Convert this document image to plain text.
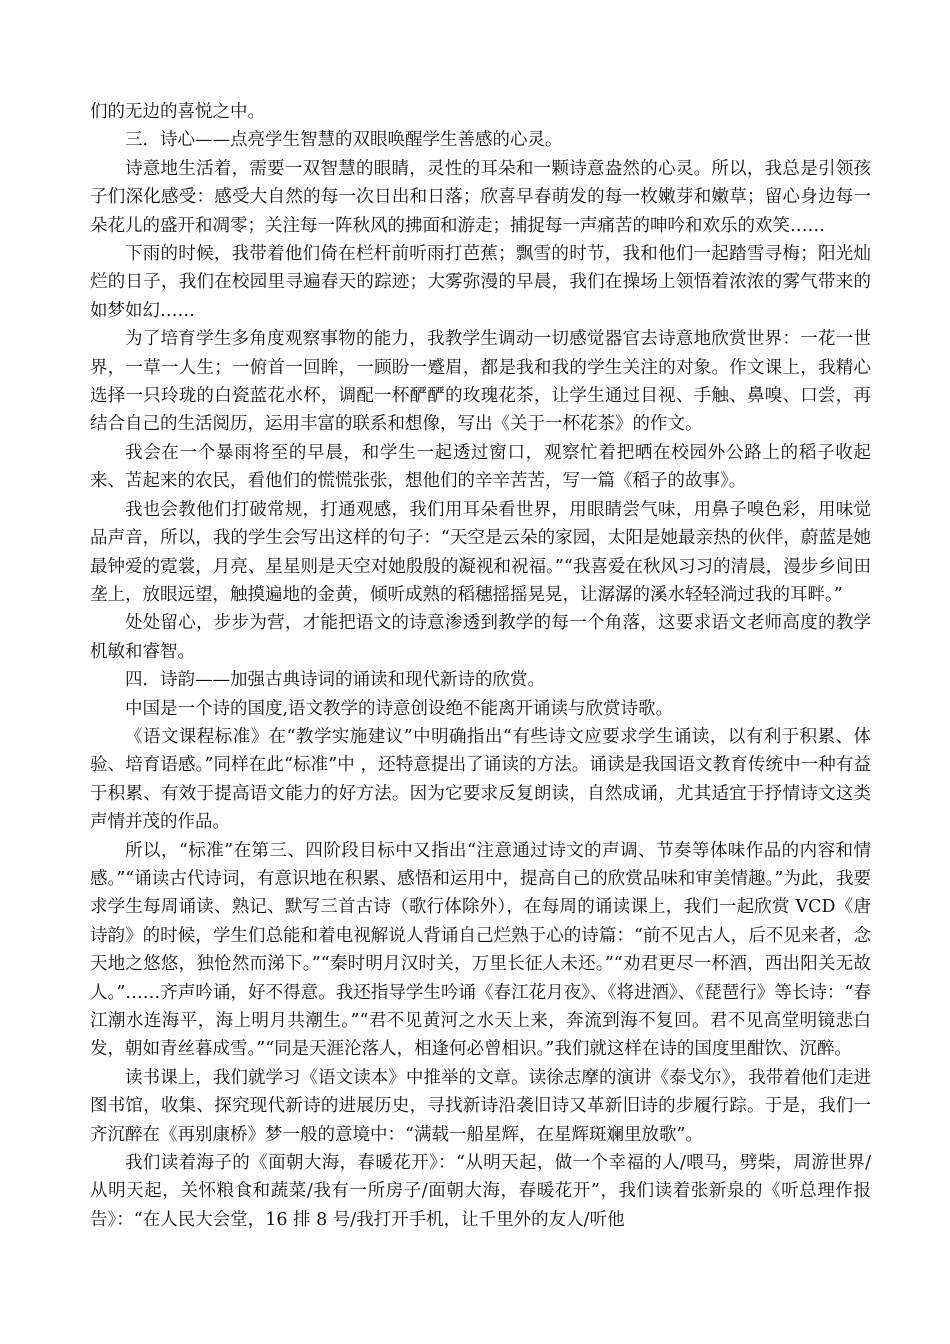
们的无边的喜悦之中。

三．诗心——点亮学生智慧的双眼唤醒学生善感的心灵。

诗意地生活着，需要一双智慧的眼睛，灵性的耳朵和一颗诗意盎然的心灵。所以，我总是引领孩子们深化感受：感受大自然的每一次日出和日落；欣喜早春萌发的每一枚嫩芽和嫩草；留心身边每一朵花儿的盛开和凋零；关注每一阵秋风的拂面和游走；捕捉每一声痛苦的呻吟和欢乐的欢笑……

下雨的时候，我带着他们倚在栏杆前听雨打芭蕉；飘雪的时节，我和他们一起踏雪寻梅；阳光灿烂的日子，我们在校园里寻遍春天的踪迹；大雾弥漫的早晨，我们在操场上领悟着浓浓的雾气带来的如梦如幻……

为了培育学生多角度观察事物的能力，我教学生调动一切感觉器官去诗意地欣赏世界：一花一世界，一草一人生；一俯首一回眸，一顾盼一蹙眉，都是我和我的学生关注的对象。作文课上，我精心选择一只玲珑的白瓷蓝花水杯，调配一杯酽酽的玫瑰花茶，让学生通过目视、手触、鼻嗅、口尝，再结合自己的生活阅历，运用丰富的联系和想像，写出《关于一杯花茶》的作文。

我会在一个暴雨将至的早晨，和学生一起透过窗口，观察忙着把晒在校园外公路上的稻子收起来、苫起来的农民，看他们的慌慌张张，想他们的辛辛苦苦，写一篇《稻子的故事》。

我也会教他们打破常规，打通观感，我们用耳朵看世界，用眼睛尝气味，用鼻子嗅色彩，用味觉品声音，所以，我的学生会写出这样的句子：“天空是云朵的家园，太阳是她最亲热的伙伴，蔚蓝是她最钟爱的霓裳，月亮、星星则是天空对她殷殷的凝视和祝福。”“我喜爱在秋风习习的清晨，漫步乡间田垄上，放眼远望，触摸遍地的金黄，倾听成熟的稻穗摇摇晃晃，让潺潺的溪水轻轻淌过我的耳畔。”

处处留心，步步为营，才能把语文的诗意渗透到教学的每一个角落，这要求语文老师高度的教学机敏和睿智。

四．诗韵——加强古典诗词的诵读和现代新诗的欣赏。

中国是一个诗的国度,语文教学的诗意创设绝不能离开诵读与欣赏诗歌。

《语文课程标准》在“教学实施建议”中明确指出“有些诗文应要求学生诵读，以有利于积累、体验、培育语感。”同样在此“标准”中 ，还特意提出了诵读的方法。诵读是我国语文教育传统中一种有益于积累、有效于提高语文能力的好方法。因为它要求反复朗读，自然成诵，尤其适宜于抒情诗文这类声情并茂的作品。

所以，“标准”在第三、四阶段目标中又指出“注意通过诗文的声调、节奏等体味作品的内容和情感。”“诵读古代诗词，有意识地在积累、感悟和运用中，提高自己的欣赏品味和审美情趣。”为此，我要求学生每周诵读、熟记、默写三首古诗（歌行体除外），在每周的诵读课上，我们一起欣赏 VCD《唐诗韵》的时候，学生们总能和着电视解说人背诵自己烂熟于心的诗篇：“前不见古人，后不见来者，念天地之悠悠，独怆然而涕下。”“秦时明月汉时关，万里长征人未还。”“劝君更尽一杯酒，西出阳关无故人。”……齐声吟诵，好不得意。我还指导学生吟诵《春江花月夜》、《将进酒》、《琵琶行》等长诗：“春江潮水连海平，海上明月共潮生。”“君不见黄河之水天上来，奔流到海不复回。君不见高堂明镜悲白发，朝如青丝暮成雪。”“同是天涯沦落人，相逢何必曾相识。”我们就这样在诗的国度里酣饮、沉醉。

读书课上，我们就学习《语文读本》中推举的文章。读徐志摩的演讲《泰戈尔》，我带着他们走进图书馆，收集、探究现代新诗的进展历史，寻找新诗沿袭旧诗又革新旧诗的步履行踪。于是，我们一齐沉醉在《再别康桥》梦一般的意境中：“满载一船星辉，在星辉斑斓里放歌”。

我们读着海子的《面朝大海，春暖花开》：“从明天起，做一个幸福的人/喂马，劈柴，周游世界/从明天起，关怀粮食和蔬菜/我有一所房子/面朝大海，春暖花开”，我们读着张新泉的《听总理作报告》：“在人民大会堂，16 排 8 号/我打开手机，让千里外的友人/听他
